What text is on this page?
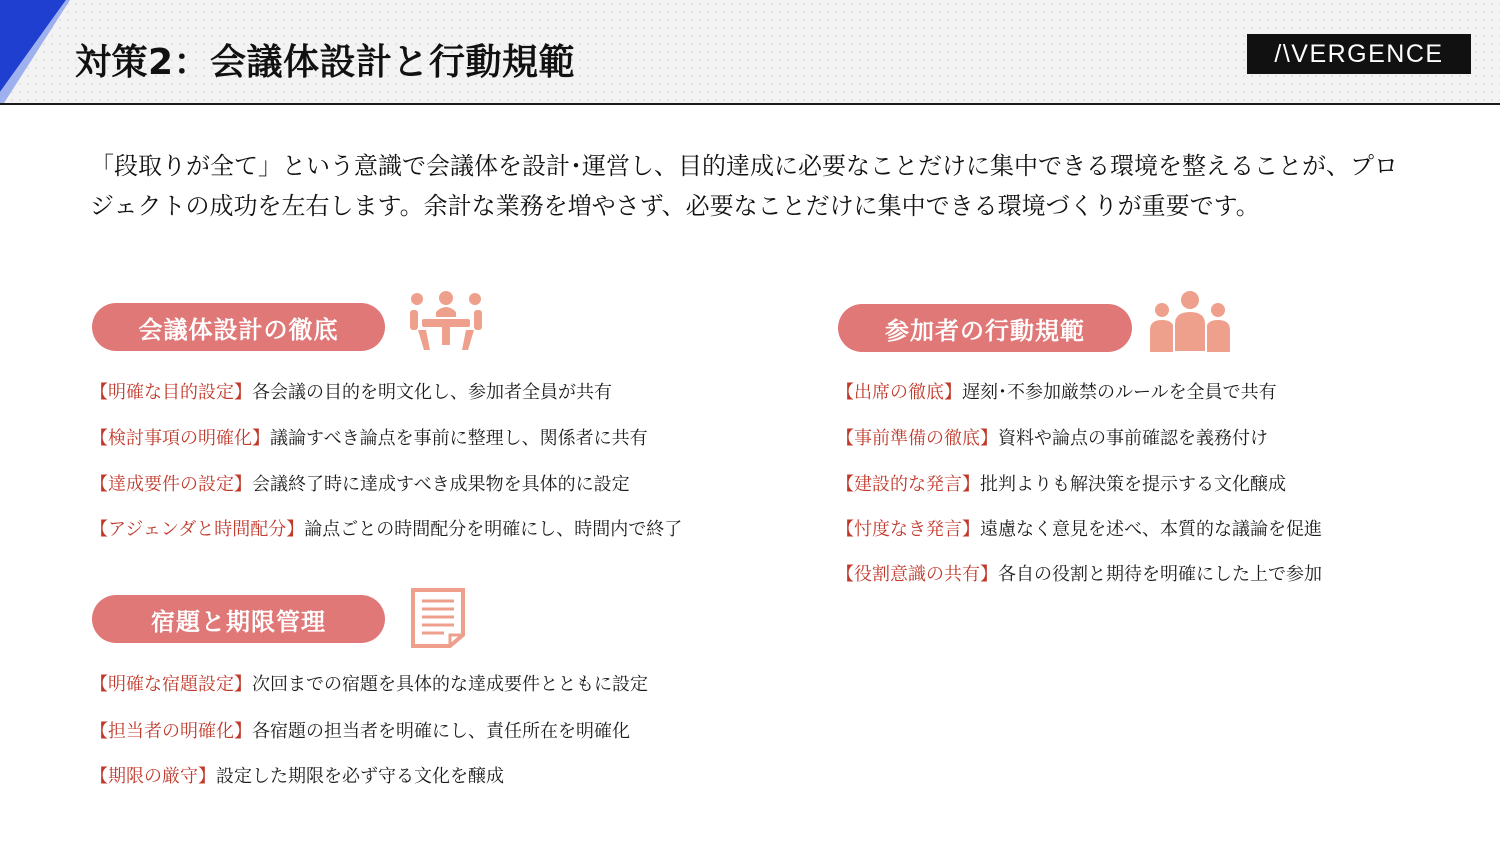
対策2：会議体設計と行動規範	/\VERGENCE

「段取りが全て」という意識で会議体を設計･運営し、目的達成に必要なことだけに集中できる環境を整えることが、プロジェクトの成功を左右します。余計な業務を増やさず、必要なことだけに集中できる環境づくりが重要です。

会議体設計の徹底
【明確な目的設定】各会議の目的を明文化し、参加者全員が共有
【検討事項の明確化】議論すべき論点を事前に整理し、関係者に共有
【達成要件の設定】会議終了時に達成すべき成果物を具体的に設定
【アジェンダと時間配分】論点ごとの時間配分を明確にし、時間内で終了
宿題と期限管理
【明確な宿題設定】次回までの宿題を具体的な達成要件とともに設定
【担当者の明確化】各宿題の担当者を明確にし、責任所在を明確化
【期限の厳守】設定した期限を必ず守る文化を醸成
参加者の行動規範
【出席の徹底】遅刻･不参加厳禁のルールを全員で共有
【事前準備の徹底】資料や論点の事前確認を義務付け
【建設的な発言】批判よりも解決策を提示する文化醸成
【忖度なき発言】遠慮なく意見を述べ、本質的な議論を促進
【役割意識の共有】各自の役割と期待を明確にした上で参加
